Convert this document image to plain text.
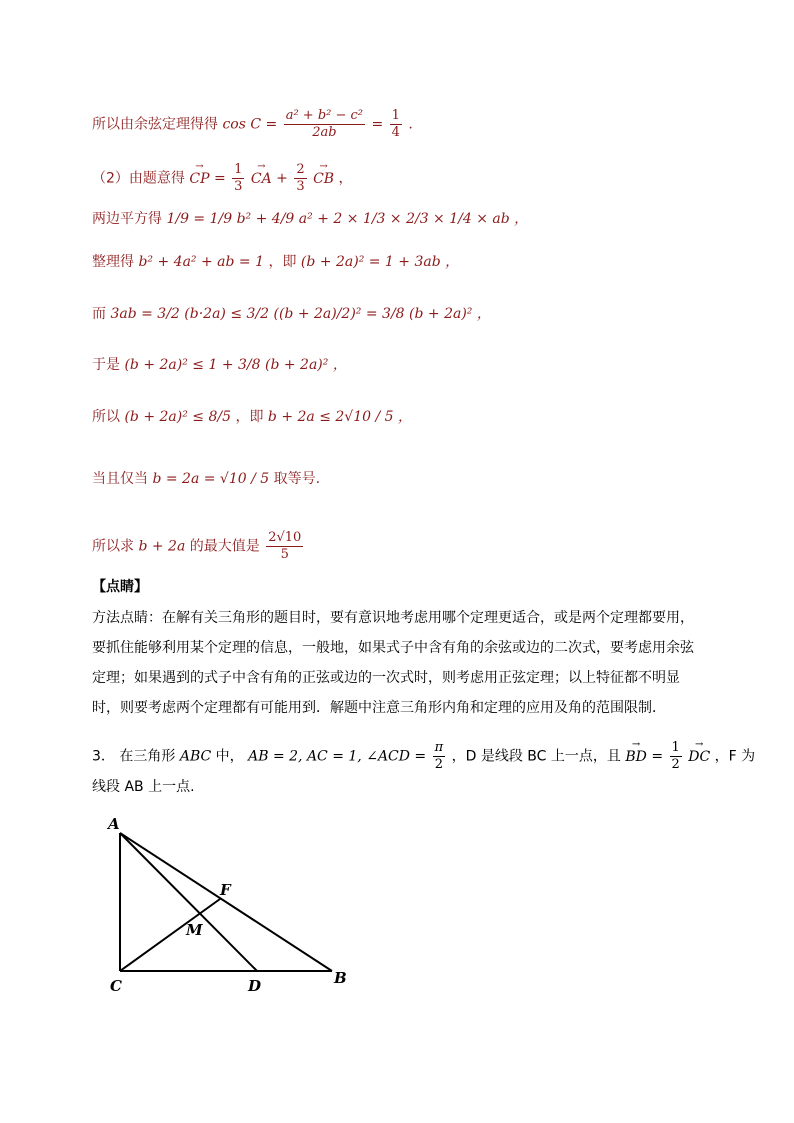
所以由余弦定理得得 $\cos C = \frac{\text{a² + b² − c²}}{2ab} = \frac{1}{4}$ .
（2）由题意得 → CP = $\frac{1}{3}$ → CA + $\frac{2}{3}$ → CB ，
两边平方得 1/9 = 1/9 b² + 4/9 a² + 2 × 1/3 × 2/3 × 1/4 × ab ，
整理得 b² + 4a² + ab = 1 ，即 (b + 2a)² = 1 + 3ab ，
而 3ab = 3/2 (b·2a) ≤ 3/2 ((b + 2a)/2)² = 3/8 (b + 2a)² ，
于是 (b + 2a)² ≤ 1 + 3/8 (b + 2a)² ，
所以 (b + 2a)² ≤ 8/5 ，即 b + 2a ≤ 2√10 / 5 ，
当且仅当 b = 2a = √10 / 5 取等号.
所以求 b + 2a 的最大值是 $\frac{2√10}{5}$
【点睛】
方法点睛：在解有关三角形的题目时，要有意识地考虑用哪个定理更适合，或是两个定理都要用，要抓住能够利用某个定理的信息，一般地，如果式子中含有角的余弦或边的二次式，要考虑用余弦定理；如果遇到的式子中含有角的正弦或边的一次式时，则考虑用正弦定理；以上特征都不明显时，则要考虑两个定理都有可能用到．解题中注意三角形内角和定理的应用及角的范围限制．
3． 在三角形 ABC 中， AB = 2, AC = 1, ∠ACD = $\frac{\pi}{2}$ ，D 是线段 BC 上一点，且 → BD = $\frac{1}{2}$ → DC ，F 为
线段 AB 上一点.
A
C	D	B
F
M
